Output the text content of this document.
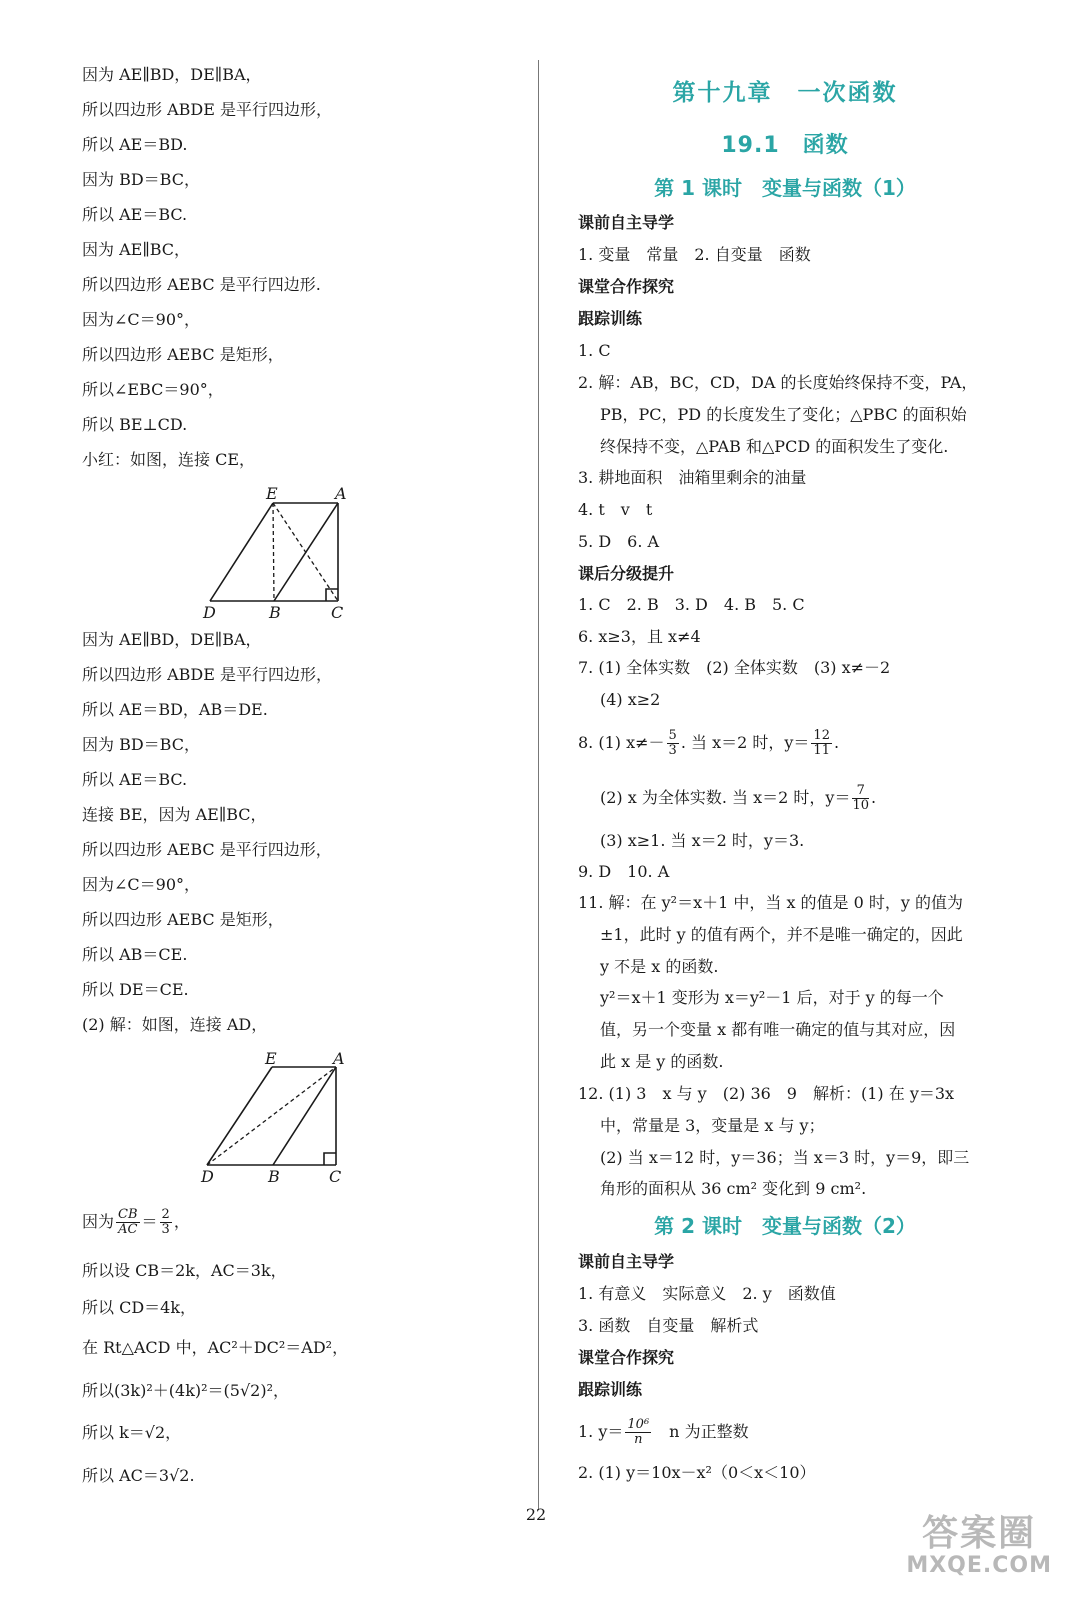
因为 AE∥BD，DE∥BA，
所以四边形 ABDE 是平行四边形，
所以 AE＝BD.
因为 BD＝BC，
所以 AE＝BC.
因为 AE∥BC，
所以四边形 AEBC 是平行四边形.
因为∠C＝90°，
所以四边形 AEBC 是矩形，
所以∠EBC＝90°，
所以 BE⊥CD.
小红：如图，连接 CE，
E	A
D	B	C
因为 AE∥BD，DE∥BA，
所以四边形 ABDE 是平行四边形，
所以 AE＝BD，AB＝DE.
因为 BD＝BC，
所以 AE＝BC.
连接 BE，因为 AE∥BC，
所以四边形 AEBC 是平行四边形，
因为∠C＝90°，
所以四边形 AEBC 是矩形，
所以 AB＝CE.
所以 DE＝CE.
(2) 解：如图，连接 AD，
E	A
D	B	C
因为 $\frac{CB}{AC} = \frac{2}{3}$ ，
所以设 CB＝2k，AC＝3k，
所以 CD＝4k，
在 Rt△ACD 中，AC²＋DC²＝AD²，
所以(3k)²＋(4k)²＝(5√2)²，
所以 k＝√2，
所以 AC＝3√2.
第十九章　一次函数
19.1　函数
第 1 课时　变量与函数（1）
课前自主导学
1. 变量　常量　2. 自变量　函数
课堂合作探究
跟踪训练
1. C
2. 解：AB，BC，CD，DA 的长度始终保持不变，PA，
PB，PC，PD 的长度发生了变化；△PBC 的面积始
终保持不变，△PAB 和△PCD 的面积发生了变化.
3. 耕地面积　油箱里剩余的油量
4. t　v　t
5. D　6. A
课后分级提升
1. C　2. B　3. D　4. B　5. C
6. x≥3，且 x≠4
7. (1) 全体实数　(2) 全体实数　(3) x≠－2
(4) x≥2
8. (1) $x\ne- \frac{5}{3}$ . 当 x＝2 时，$y= \frac{12}{11}$ .
(2) x 为全体实数. 当 x＝2 时，$y= \frac{7}{10}$ .
(3) x≥1. 当 x＝2 时，y＝3.
9. D　10. A
11. 解：在 y²＝x＋1 中，当 x 的值是 0 时，y 的值为
±1，此时 y 的值有两个，并不是唯一确定的，因此
y 不是 x 的函数.
y²＝x＋1 变形为 x＝y²－1 后，对于 y 的每一个
值，另一个变量 x 都有唯一确定的值与其对应，因
此 x 是 y 的函数.
12. (1) 3　x 与 y　(2) 36　9　解析：(1) 在 y＝3x
中，常量是 3，变量是 x 与 y；
(2) 当 x＝12 时，y＝36；当 x＝3 时，y＝9，即三
角形的面积从 36 cm² 变化到 9 cm².
第 2 课时　变量与函数（2）
课前自主导学
1. 有意义　实际意义　2. y　函数值
3. 函数　自变量　解析式
课堂合作探究
跟踪训练
1. $y= \frac{\text{10⁶}}{n}$ 　n 为正整数
2. (1) y＝10x－x²（0＜x＜10）
22	答案圈
MXQE.COM
